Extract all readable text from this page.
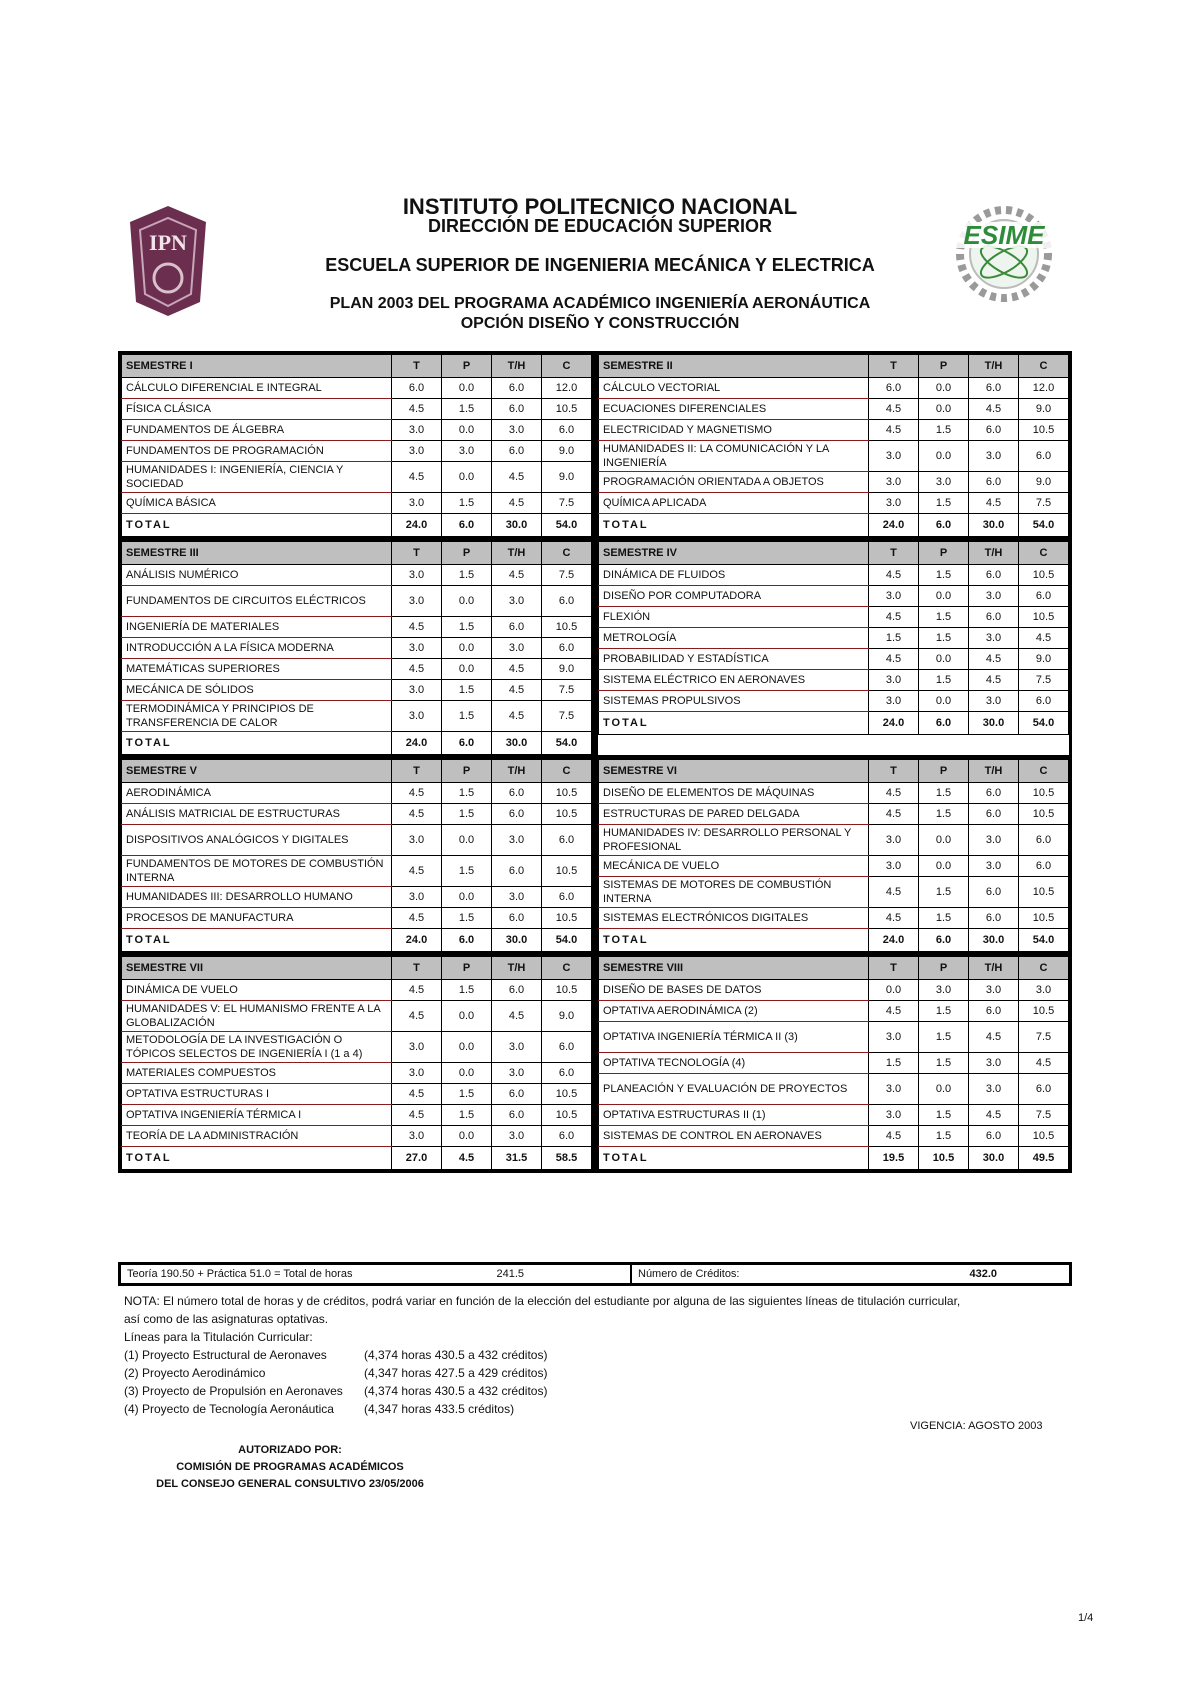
IPN	ESIME
INSTITUTO POLITECNICO NACIONAL
DIRECCIÓN DE EDUCACIÓN SUPERIOR
ESCUELA SUPERIOR DE INGENIERIA MECÁNICA Y ELECTRICA
PLAN 2003 DEL PROGRAMA ACADÉMICO INGENIERÍA AERONÁUTICA
OPCIÓN DISEÑO Y CONSTRUCCIÓN
SEMESTRE I	T	P	T/H	C
CÁLCULO DIFERENCIAL E INTEGRAL	6.0	0.0	6.0	12.0
FÍSICA CLÁSICA	4.5	1.5	6.0	10.5
FUNDAMENTOS DE ÁLGEBRA	3.0	0.0	3.0	6.0
FUNDAMENTOS DE PROGRAMACIÓN	3.0	3.0	6.0	9.0
HUMANIDADES I: INGENIERÍA, CIENCIA Y SOCIEDAD	4.5	0.0	4.5	9.0
QUÍMICA BÁSICA	3.0	1.5	4.5	7.5
TOTAL	24.0	6.0	30.0	54.0
SEMESTRE II	T	P	T/H	C
CÁLCULO VECTORIAL	6.0	0.0	6.0	12.0
ECUACIONES DIFERENCIALES	4.5	0.0	4.5	9.0
ELECTRICIDAD Y MAGNETISMO	4.5	1.5	6.0	10.5
HUMANIDADES II: LA COMUNICACIÓN Y LA INGENIERÍA	3.0	0.0	3.0	6.0
PROGRAMACIÓN ORIENTADA A OBJETOS	3.0	3.0	6.0	9.0
QUÍMICA APLICADA	3.0	1.5	4.5	7.5
TOTAL	24.0	6.0	30.0	54.0
SEMESTRE III	T	P	T/H	C
ANÁLISIS NUMÉRICO	3.0	1.5	4.5	7.5
FUNDAMENTOS DE CIRCUITOS ELÉCTRICOS	3.0	0.0	3.0	6.0
INGENIERÍA DE MATERIALES	4.5	1.5	6.0	10.5
INTRODUCCIÓN A LA FÍSICA MODERNA	3.0	0.0	3.0	6.0
MATEMÁTICAS SUPERIORES	4.5	0.0	4.5	9.0
MECÁNICA DE SÓLIDOS	3.0	1.5	4.5	7.5
TERMODINÁMICA Y PRINCIPIOS DE TRANSFERENCIA DE CALOR	3.0	1.5	4.5	7.5
TOTAL	24.0	6.0	30.0	54.0
SEMESTRE IV	T	P	T/H	C
DINÁMICA DE FLUIDOS	4.5	1.5	6.0	10.5
DISEÑO POR COMPUTADORA	3.0	0.0	3.0	6.0
FLEXIÓN	4.5	1.5	6.0	10.5
METROLOGÍA	1.5	1.5	3.0	4.5
PROBABILIDAD Y ESTADÍSTICA	4.5	0.0	4.5	9.0
SISTEMA ELÉCTRICO EN AERONAVES	3.0	1.5	4.5	7.5
SISTEMAS PROPULSIVOS	3.0	0.0	3.0	6.0
TOTAL	24.0	6.0	30.0	54.0
SEMESTRE V	T	P	T/H	C
AERODINÁMICA	4.5	1.5	6.0	10.5
ANÁLISIS MATRICIAL DE ESTRUCTURAS	4.5	1.5	6.0	10.5
DISPOSITIVOS ANALÓGICOS Y DIGITALES	3.0	0.0	3.0	6.0
FUNDAMENTOS DE MOTORES DE COMBUSTIÓN INTERNA	4.5	1.5	6.0	10.5
HUMANIDADES III: DESARROLLO HUMANO	3.0	0.0	3.0	6.0
PROCESOS DE MANUFACTURA	4.5	1.5	6.0	10.5
TOTAL	24.0	6.0	30.0	54.0
SEMESTRE VI	T	P	T/H	C
DISEÑO DE ELEMENTOS DE MÁQUINAS	4.5	1.5	6.0	10.5
ESTRUCTURAS DE PARED DELGADA	4.5	1.5	6.0	10.5
HUMANIDADES IV: DESARROLLO PERSONAL Y PROFESIONAL	3.0	0.0	3.0	6.0
MECÁNICA DE VUELO	3.0	0.0	3.0	6.0
SISTEMAS DE MOTORES DE COMBUSTIÓN INTERNA	4.5	1.5	6.0	10.5
SISTEMAS ELECTRÓNICOS DIGITALES	4.5	1.5	6.0	10.5
TOTAL	24.0	6.0	30.0	54.0
SEMESTRE VII	T	P	T/H	C
DINÁMICA DE VUELO	4.5	1.5	6.0	10.5
HUMANIDADES V: EL HUMANISMO FRENTE A LA GLOBALIZACIÓN	4.5	0.0	4.5	9.0
METODOLOGÍA DE LA INVESTIGACIÓN O TÓPICOS SELECTOS DE INGENIERÍA I (1 a 4)	3.0	0.0	3.0	6.0
MATERIALES COMPUESTOS	3.0	0.0	3.0	6.0
OPTATIVA ESTRUCTURAS I	4.5	1.5	6.0	10.5
OPTATIVA INGENIERÍA TÉRMICA I	4.5	1.5	6.0	10.5
TEORÍA DE LA ADMINISTRACIÓN	3.0	0.0	3.0	6.0
TOTAL	27.0	4.5	31.5	58.5
SEMESTRE VIII	T	P	T/H	C
DISEÑO DE BASES DE DATOS	0.0	3.0	3.0	3.0
OPTATIVA AERODINÁMICA (2)	4.5	1.5	6.0	10.5
OPTATIVA INGENIERÍA TÉRMICA II (3)	3.0	1.5	4.5	7.5
OPTATIVA TECNOLOGÍA (4)	1.5	1.5	3.0	4.5
PLANEACIÓN Y EVALUACIÓN DE PROYECTOS	3.0	0.0	3.0	6.0
OPTATIVA ESTRUCTURAS II (1)	3.0	1.5	4.5	7.5
SISTEMAS DE CONTROL EN AERONAVES	4.5	1.5	6.0	10.5
TOTAL	19.5	10.5	30.0	49.5
Teoría 190.50 + Práctica 51.0 = Total de horas	241.5	Número de Créditos:	432.0
NOTA: El número total de horas y de créditos, podrá variar en función de la elección del estudiante por alguna de las siguientes líneas de titulación curricular,
así como de las asignaturas optativas.
Líneas para la Titulación Curricular:
(1) Proyecto Estructural de Aeronaves	(4,374 horas 430.5 a 432 créditos)
(2) Proyecto Aerodinámico	(4,347 horas 427.5 a 429 créditos)
(3) Proyecto de Propulsión en Aeronaves	(4,374 horas 430.5 a 432 créditos)
(4) Proyecto de Tecnología Aeronáutica	(4,347 horas 433.5 créditos)
VIGENCIA: AGOSTO 2003
AUTORIZADO POR:
COMISIÓN DE PROGRAMAS ACADÉMICOS
DEL CONSEJO GENERAL CONSULTIVO 23/05/2006
1/4
